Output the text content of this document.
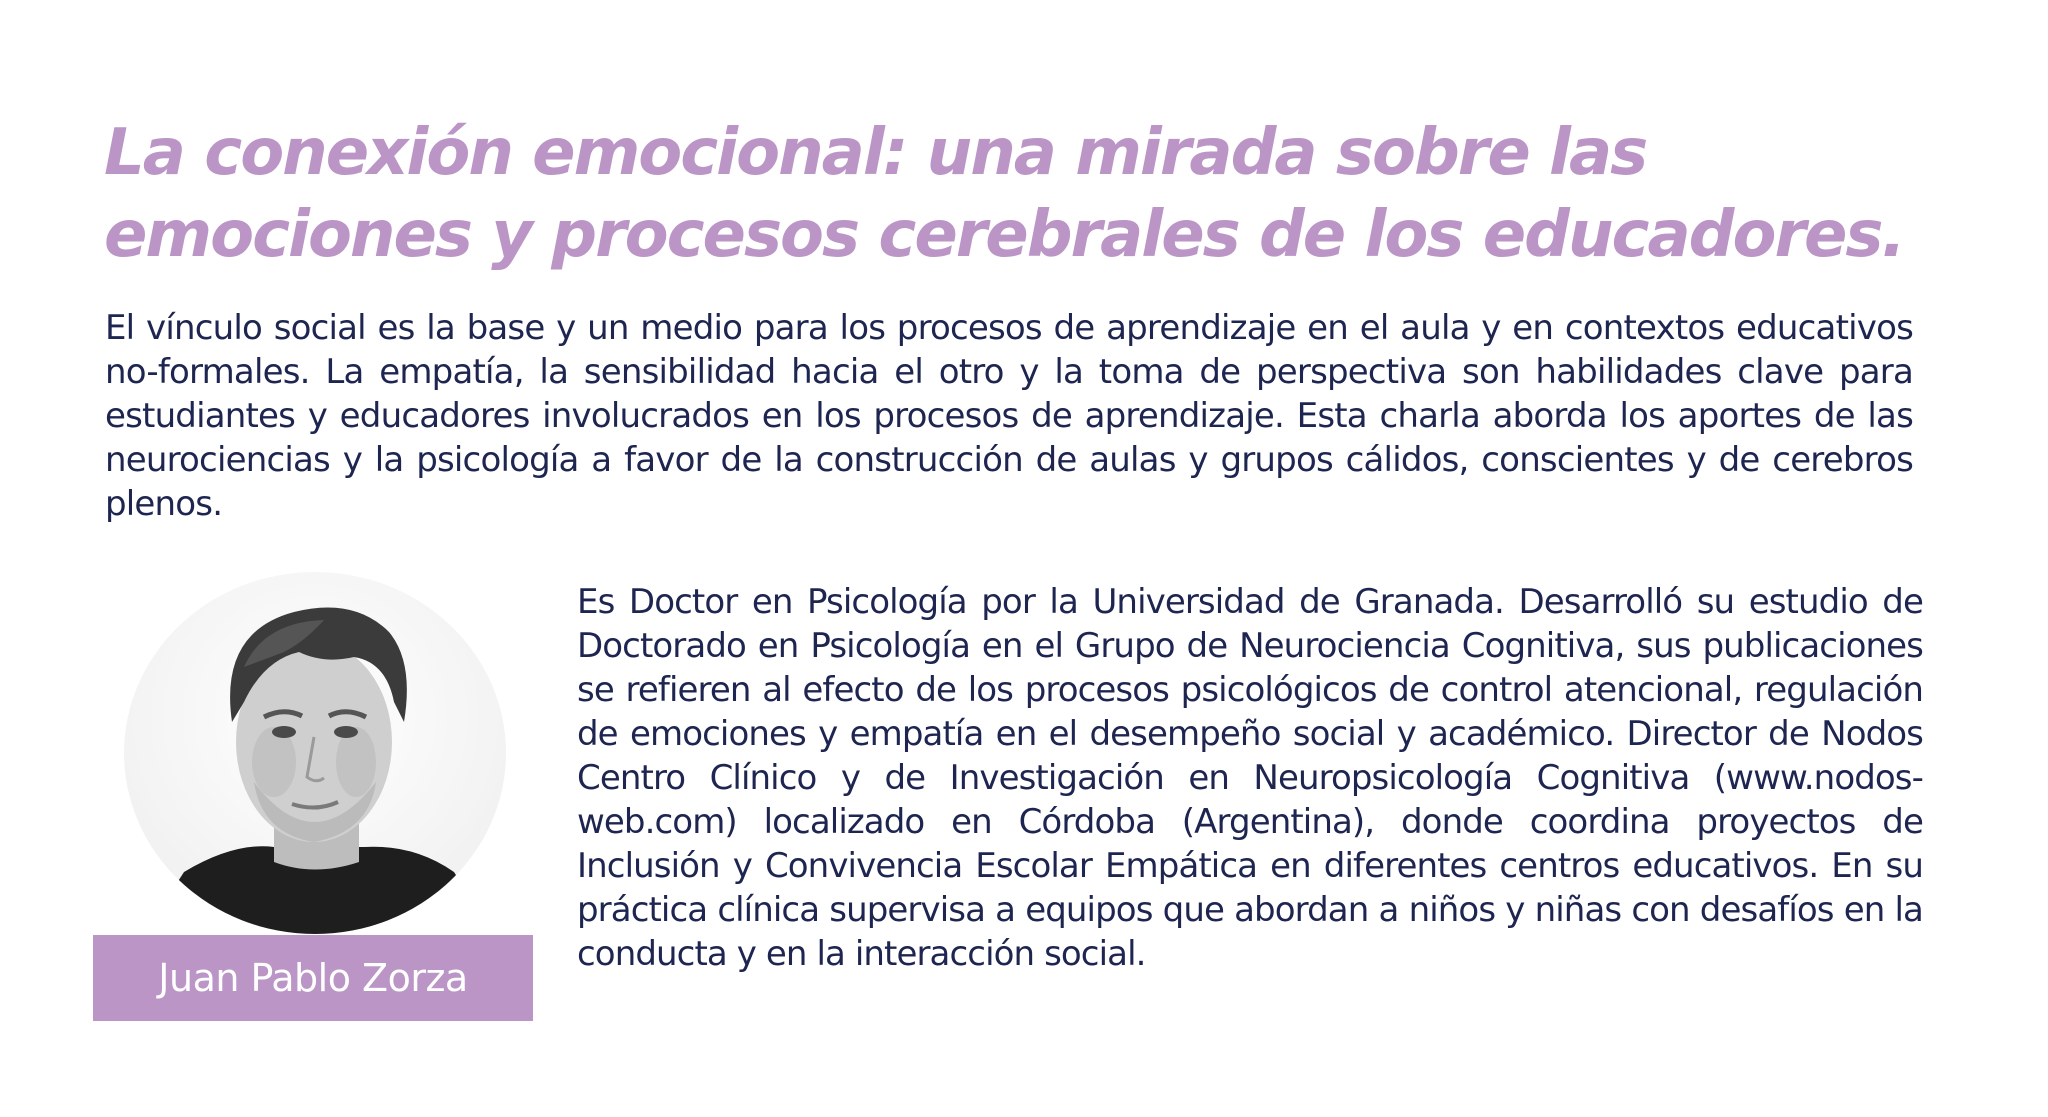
La conexión emocional: una mirada sobre las
emociones y procesos cerebrales de los educadores.

El vínculo social es la base y un medio para los procesos de aprendizaje en el aula y en contextos educativos no-formales. La empatía, la sensibilidad hacia el otro y la toma de perspectiva son habilidades clave para estudiantes y educadores involucrados en los procesos de aprendizaje. Esta charla aborda los aportes de las neurociencias y la psicología a favor de la construcción de aulas y grupos cálidos, conscientes y de cerebros plenos.

Juan Pablo Zorza

Es Doctor en Psicología por la Universidad de Granada. Desarrolló su estudio de Doctorado en Psicología en el Grupo de Neurociencia Cognitiva, sus publicaciones se refieren al efecto de los procesos psicológicos de control atencional, regulación de emociones y empatía en el desempeño social y académico. Director de Nodos Centro Clínico y de Investigación en Neuropsicología Cognitiva (www.nodos-web.com) localizado en Córdoba (Argentina), donde coordina proyectos de Inclusión y Convivencia Escolar Empática en diferentes centros educativos. En su práctica clínica supervisa a equipos que abordan a niños y niñas con desafíos en la conducta y en la interacción social.
